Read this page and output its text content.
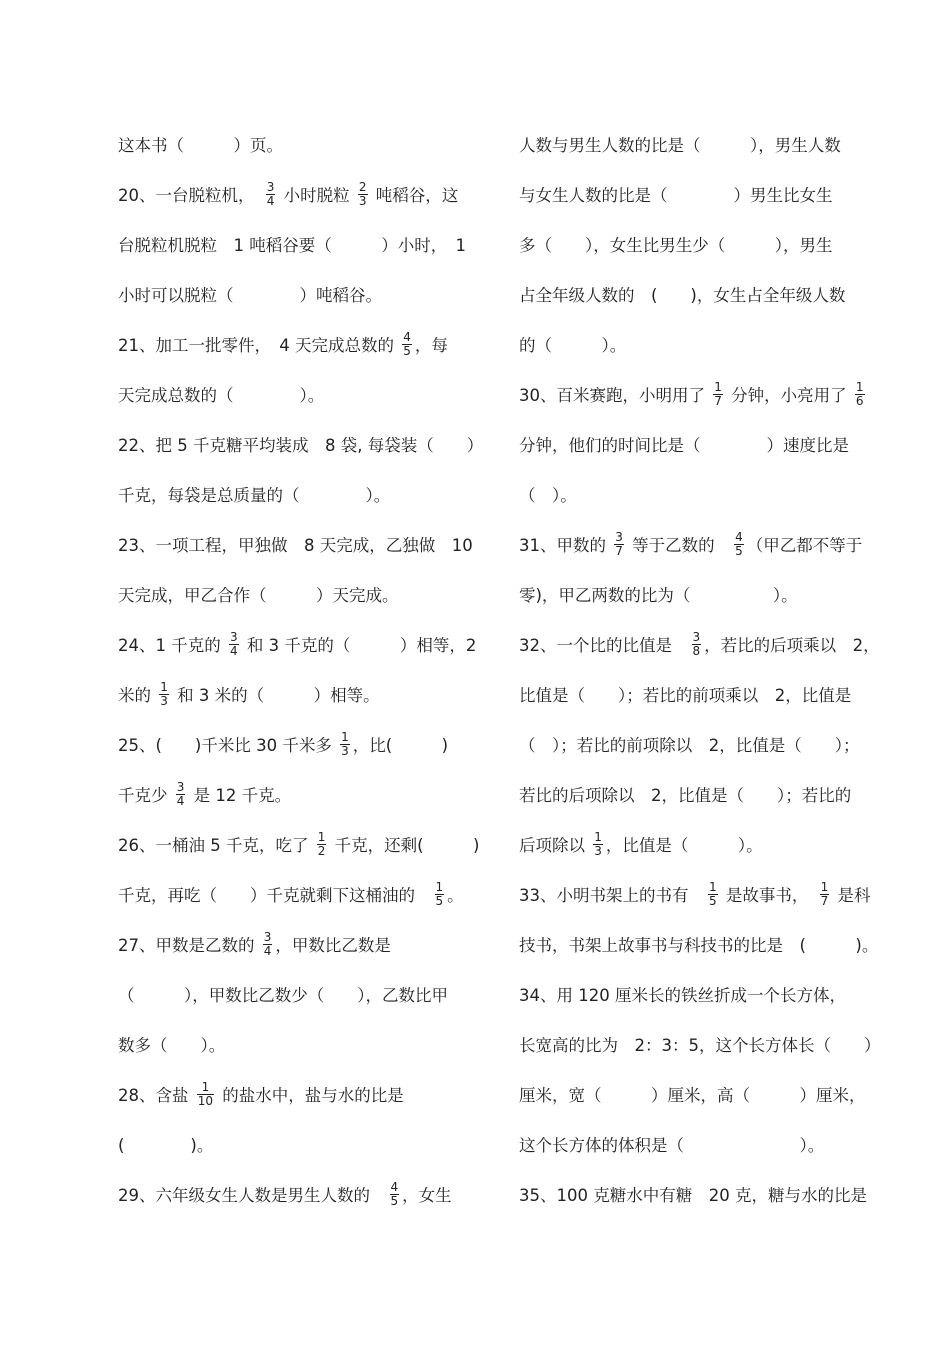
这本书（　　　）页。
20、一台脱粒机，　 $\frac{3}{4}$ 小时脱粒 $\frac{2}{3}$ 吨稻谷，这
台脱粒机脱粒　1 吨稻谷要（　　　）小时，　1
小时可以脱粒（　　　　）吨稻谷。
21、加工一批零件，　4 天完成总数的 $\frac{4}{5}$ ，每
天完成总数的（　　　　）。
22、把 5 千克糖平均装成　8 袋, 每袋装（　　）
千克，每袋是总质量的（　　　　）。
23、一项工程，甲独做　8 天完成，乙独做　10
天完成，甲乙合作（　　　）天完成。
24、1 千克的 $\frac{3}{4}$ 和 3 千克的（　　　）相等，2
米的 $\frac{1}{3}$ 和 3 米的（　　　）相等。
25、(　　)千米比 30 千米多 $\frac{1}{3}$ ，比(　　　)
千克少 $\frac{3}{4}$ 是 12 千克。
26、一桶油 5 千克，吃了 $\frac{1}{2}$ 千克，还剩(　　　)
千克，再吃（　　）千克就剩下这桶油的　 $\frac{1}{5}$ 。
27、甲数是乙数的 $\frac{3}{4}$ ，甲数比乙数是
（　　　），甲数比乙数少（　　），乙数比甲
数多（　　）。
28、含盐 $\frac{1}{10}$ 的盐水中，盐与水的比是
(　　　　)。
29、六年级女生人数是男生人数的　 $\frac{4}{5}$ ，女生
人数与男生人数的比是（　　　），男生人数
与女生人数的比是（　　　　）男生比女生
多（　　），女生比男生少（　　　），男生
占全年级人数的　(　　)，女生占全年级人数
的（　　　）。
30、百米赛跑，小明用了 $\frac{1}{7}$ 分钟，小亮用了 $\frac{1}{6}$
分钟，他们的时间比是（　　　　）速度比是
（　）。
31、甲数的 $\frac{3}{7}$ 等于乙数的　 $\frac{4}{5}$ （甲乙都不等于
零)，甲乙两数的比为（　　　　　）。
32、一个比的比值是　 $\frac{3}{8}$ ，若比的后项乘以　2，
比值是（　　）；若比的前项乘以　2，比值是
（　）；若比的前项除以　2，比值是（　　）；
若比的后项除以　2，比值是（　　）；若比的
后项除以 $\frac{1}{3}$ ，比值是（　　　）。
33、小明书架上的书有　 $\frac{1}{5}$ 是故事书，　 $\frac{1}{7}$ 是科
技书，书架上故事书与科技书的比是　(　　　)。
34、用 120 厘米长的铁丝折成一个长方体，
长宽高的比为　2：3：5，这个长方体长（　　）
厘米，宽（　　　）厘米，高（　　　）厘米，
这个长方体的体积是（　　　　　　　）。
35、100 克糖水中有糖　20 克，糖与水的比是
